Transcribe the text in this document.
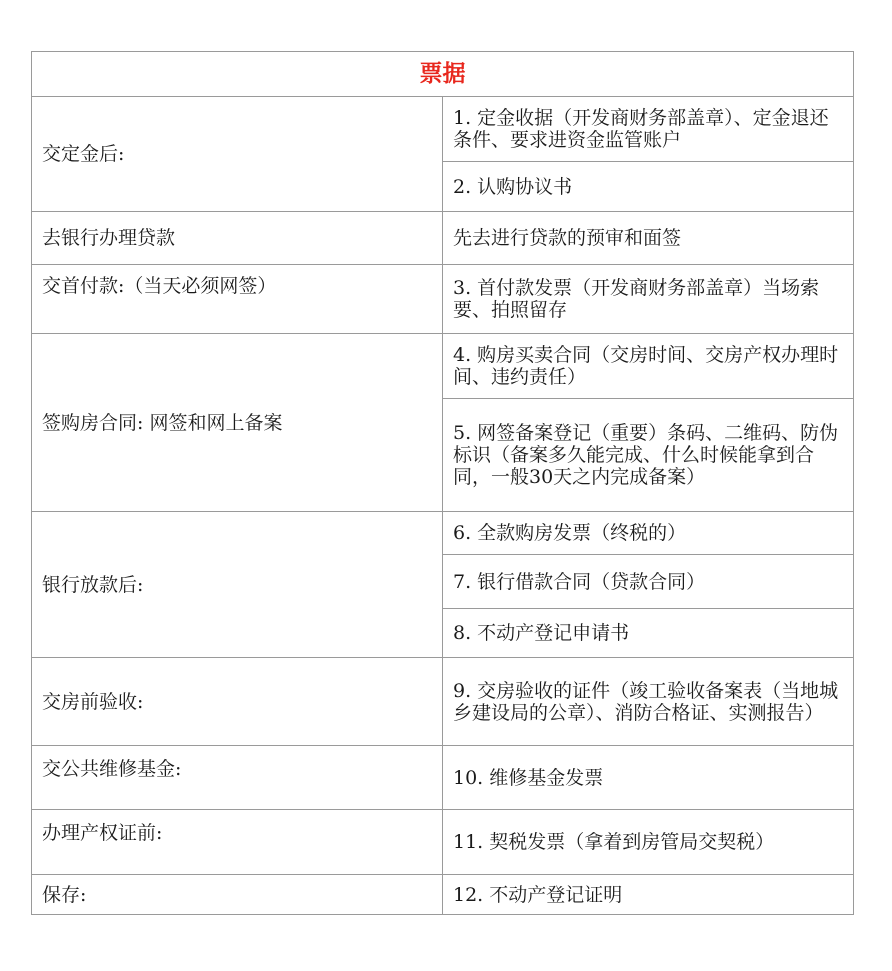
票据	

交定金后:	1. 定金收据（开发商财务部盖章）、定金退还条件、要求进资金监管账户

	2. 认购协议书

去银行办理贷款	先去进行贷款的预审和面签

交首付款:（当天必须网签）	3. 首付款发票（开发商财务部盖章）当场索要、拍照留存

签购房合同: 网签和网上备案	4. 购房买卖合同（交房时间、交房产权办理时间、违约责任）

	5. 网签备案登记（重要）条码、二维码、防伪标识（备案多久能完成、什么时候能拿到合同，一般30天之内完成备案）

银行放款后:	6. 全款购房发票（终税的）

	7. 银行借款合同（贷款合同）

	8. 不动产登记申请书

交房前验收:	9. 交房验收的证件（竣工验收备案表（当地城乡建设局的公章）、消防合格证、实测报告）

交公共维修基金:	10. 维修基金发票

办理产权证前:	11. 契税发票（拿着到房管局交契税）

保存:	12. 不动产登记证明
